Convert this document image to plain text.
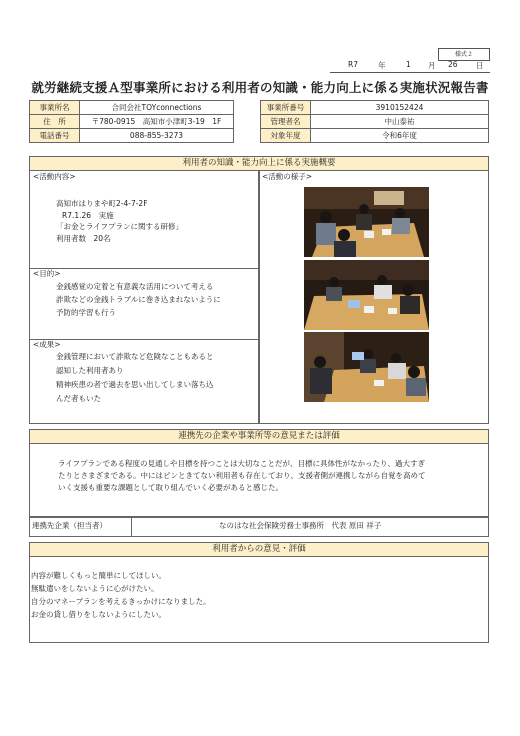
様式２
R7	年	1 月 26 日
就労継続支援Ａ型事業所における利用者の知識・能力向上に係る実施状況報告書
事業所名	合同会社TOYconnections
住　所	〒780-0915　高知市小津町3-19　1F
電話番号	088-855-3273
事業所番号	3910152424
管理者名	中山泰祐
対象年度	令和6年度
利用者の知識・能力向上に係る実施概要
<活動内容>
高知市はりまや町2-4-7-2F
R7.1.26　実施
「お金とライフプランに関する研修」
利用者数　20名
<目的>
金銭感覚の定着と有意義な活用について考える
詐欺などの金銭トラブルに巻き込まれないように
予防的学習も行う
<成果>
金銭管理において詐欺など危険なこともあると
認知した利用者あり
精神疾患の者で過去を思い出してしまい落ち込
んだ者もいた
<活動の様子>
連携先の企業や事業所等の意見または評価
ライフプランである程度の見通しや目標を持つことは大切なことだが、目標に具体性がなかったり、過大すぎ
たりとさまざまである。中にはピンときてない利用者も存在しており、支援者側が連携しながら自覚を高めて
いく支援も重要な課題として取り組んでいく必要があると感じた。
連携先企業（担当者）	なのはな社会保険労務士事務所　代表 原田 祥子
利用者からの意見・評価
内容が難しくもっと簡単にしてほしい。
無駄遣いをしないように心がけたい。
自分のマネープランを考えるきっかけになりました。
お金の貸し借りをしないようにしたい。
